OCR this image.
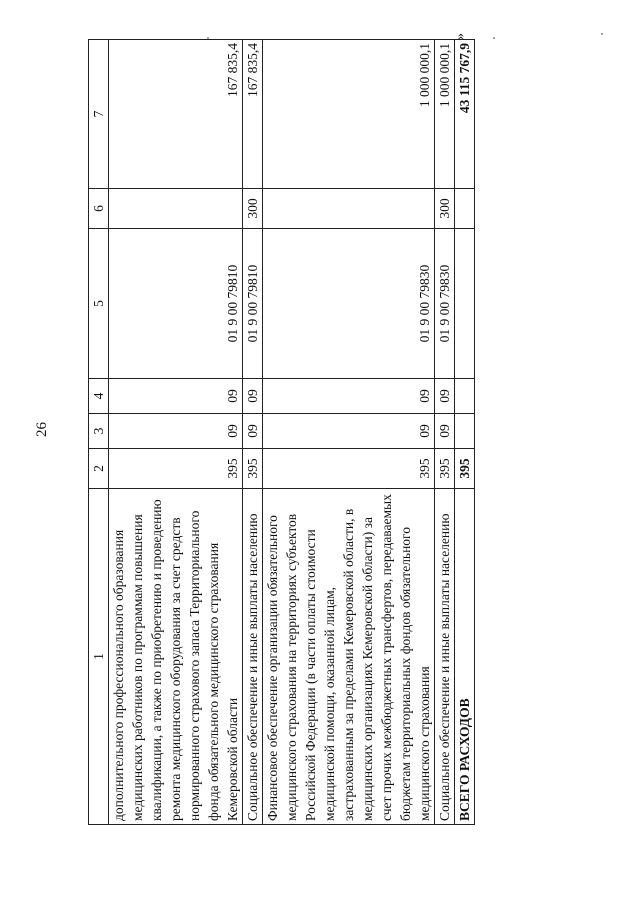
26
1	2	3	4	5	6	7
дополнительного профессионального образования медицинских работников по программам повышения квалификации, а также по приобретению и проведению ремонта медицинского оборудования за счет средств нормированного страхового запаса Территориального фонда обязательного медицинского страхования Кемеровской области	395	09	09	01 9 00 79810		167 835,4
Социальное обеспечение и иные выплаты населению	395	09	09	01 9 00 79810	300	167 835,4
Финансовое обеспечение организации обязательного медицинского страхования на территориях субъектов Российской Федерации (в части оплаты стоимости медицинской помощи, оказанной лицам, застрахованным за пределами Кемеровской области, в медицинских организациях Кемеровской области) за счет прочих межбюджетных трансфертов, передаваемых бюджетам территориальных фондов обязательного медицинского страхования	395	09	09	01 9 00 79830		1 000 000,1
Социальное обеспечение и иные выплаты населению	395	09	09	01 9 00 79830	300	1 000 000,1
ВСЕГО РАСХОДОВ	395					43 115 767,9
»
